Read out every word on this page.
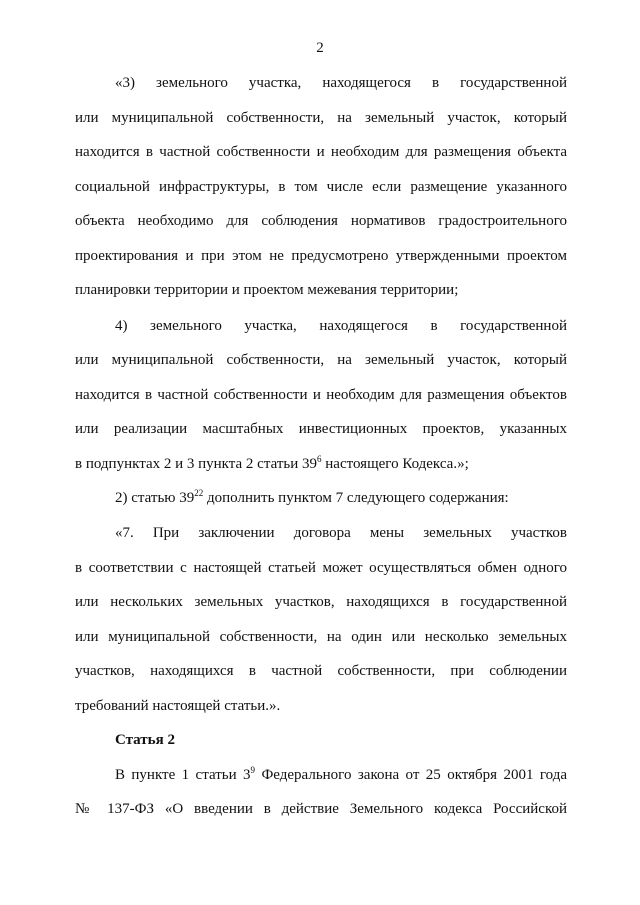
2
«3) земельного участка, находящегося в государственной
или муниципальной собственности, на земельный участок, который
находится в частной собственности и необходим для размещения объекта
социальной инфраструктуры, в том числе если размещение указанного
объекта необходимо для соблюдения нормативов градостроительного
проектирования и при этом не предусмотрено утвержденными проектом
планировки территории и проектом межевания территории;
4) земельного участка, находящегося в государственной
или муниципальной собственности, на земельный участок, который
находится в частной собственности и необходим для размещения объектов
или реализации масштабных инвестиционных проектов, указанных
в подпунктах 2 и 3 пункта 2 статьи $39^6$ настоящего Кодекса.»;
2) статью $39^{22}$ дополнить пунктом 7 следующего содержания:
«7. При заключении договора мены земельных участков
в соответствии с настоящей статьей может осуществляться обмен одного
или нескольких земельных участков, находящихся в государственной
или муниципальной собственности, на один или несколько земельных
участков, находящихся в частной собственности, при соблюдении
требований настоящей статьи.».
Статья 2
В пункте 1 статьи $3^9$ Федерального закона от 25 октября 2001 года
№ 137-ФЗ «О введении в действие Земельного кодекса Российской
